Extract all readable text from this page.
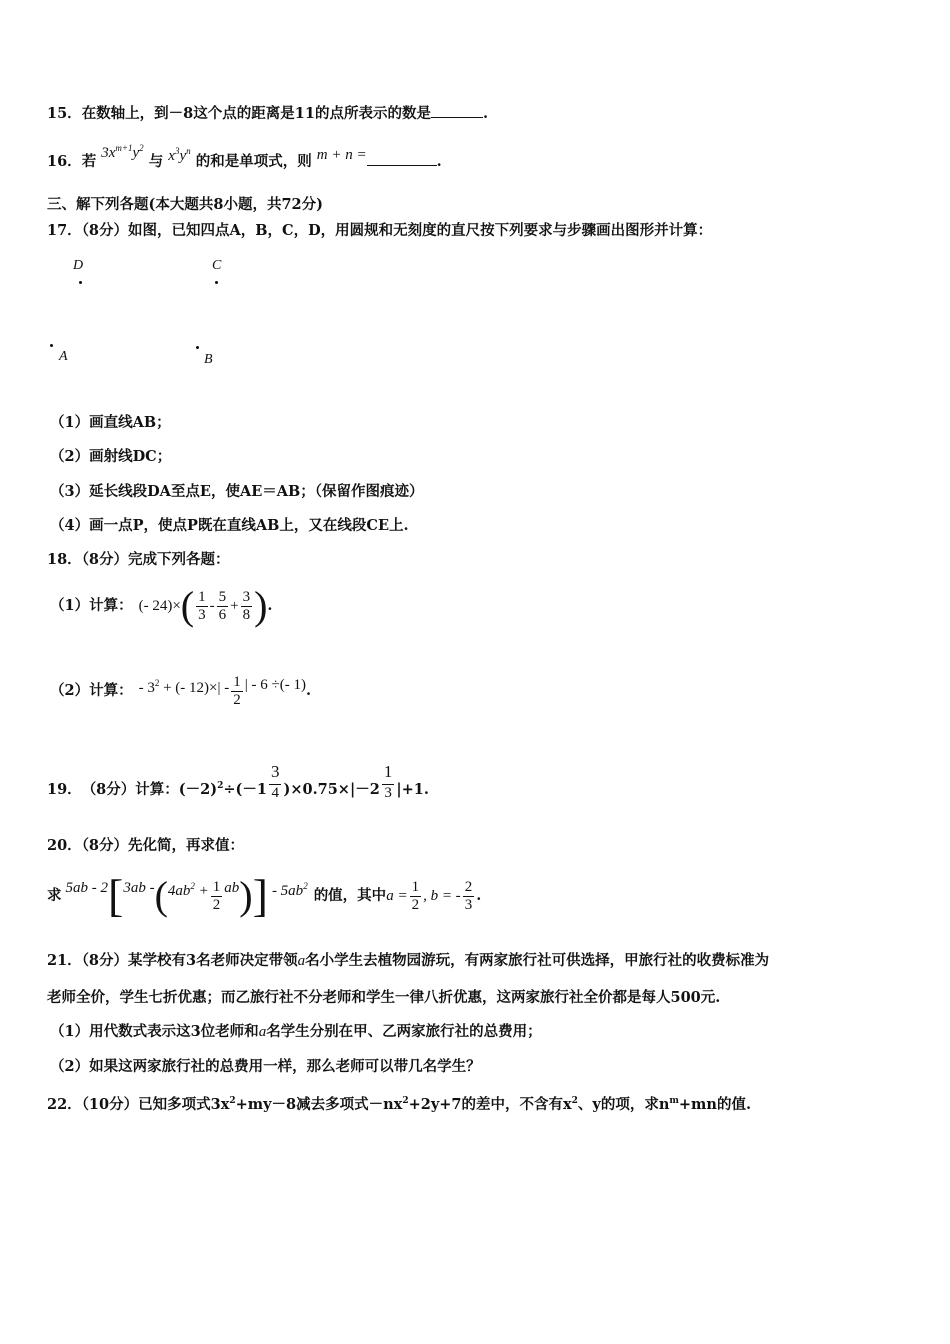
15．在数轴上，到－8这个点的距离是11的点所表示的数是	.
16．若 $3x^{m+1}y^2$ 与 $x^3y^n$ 的和是单项式，则 m + n =	.
三、解下列各题(本大题共8小题，共72分)
17．（8分）如图，已知四点A，B，C，D，用圆规和无刻度的直尺按下列要求与步骤画出图形并计算：
D	C
A	B
（1）画直线AB；
（2）画射线DC；
（3）延长线段DA至点E，使AE＝AB；（保留作图痕迹）
（4）画一点P，使点P既在直线AB上，又在线段CE上.
18．（8分）完成下列各题：
（1）计算： (- 24)× ( $\frac{1}{3} - \frac{5}{6} + \frac{3}{8}$ ) .
（2）计算： - $3^2$ + (- $12)\times| - \frac{1}{2}$ | - 6 ÷(- 1) .
19． （8分）计算：$(-2)^2\div(-1 \frac{3}{4} )\times 0.75\times|-2 \frac{1}{3} |+1$.
20．（8分）先化简，再求值：
求 5ab - 2 [ 3ab - ( $4ab^2 + \frac{1}{2}$ ab ) ] - $5ab^2$
的值，其中 $a = \frac{1}{2}$ , b = - $\frac{2}{3}$ .
21．（8分）某学校有3名老师决定带领a名小学生去植物园游玩，有两家旅行社可供选择，甲旅行社的收费标准为
老师全价，学生七折优惠；而乙旅行社不分老师和学生一律八折优惠，这两家旅行社全价都是每人500元.
（1）用代数式表示这3位老师和a名学生分别在甲、乙两家旅行社的总费用；
（2）如果这两家旅行社的总费用一样，那么老师可以带几名学生？
22．（10分）已知多项式$3x^2+my-8$减去多项式$-nx^2+2y+7$的差中，不含有$x^2$、y的项，求$n^m+mn$的值.
